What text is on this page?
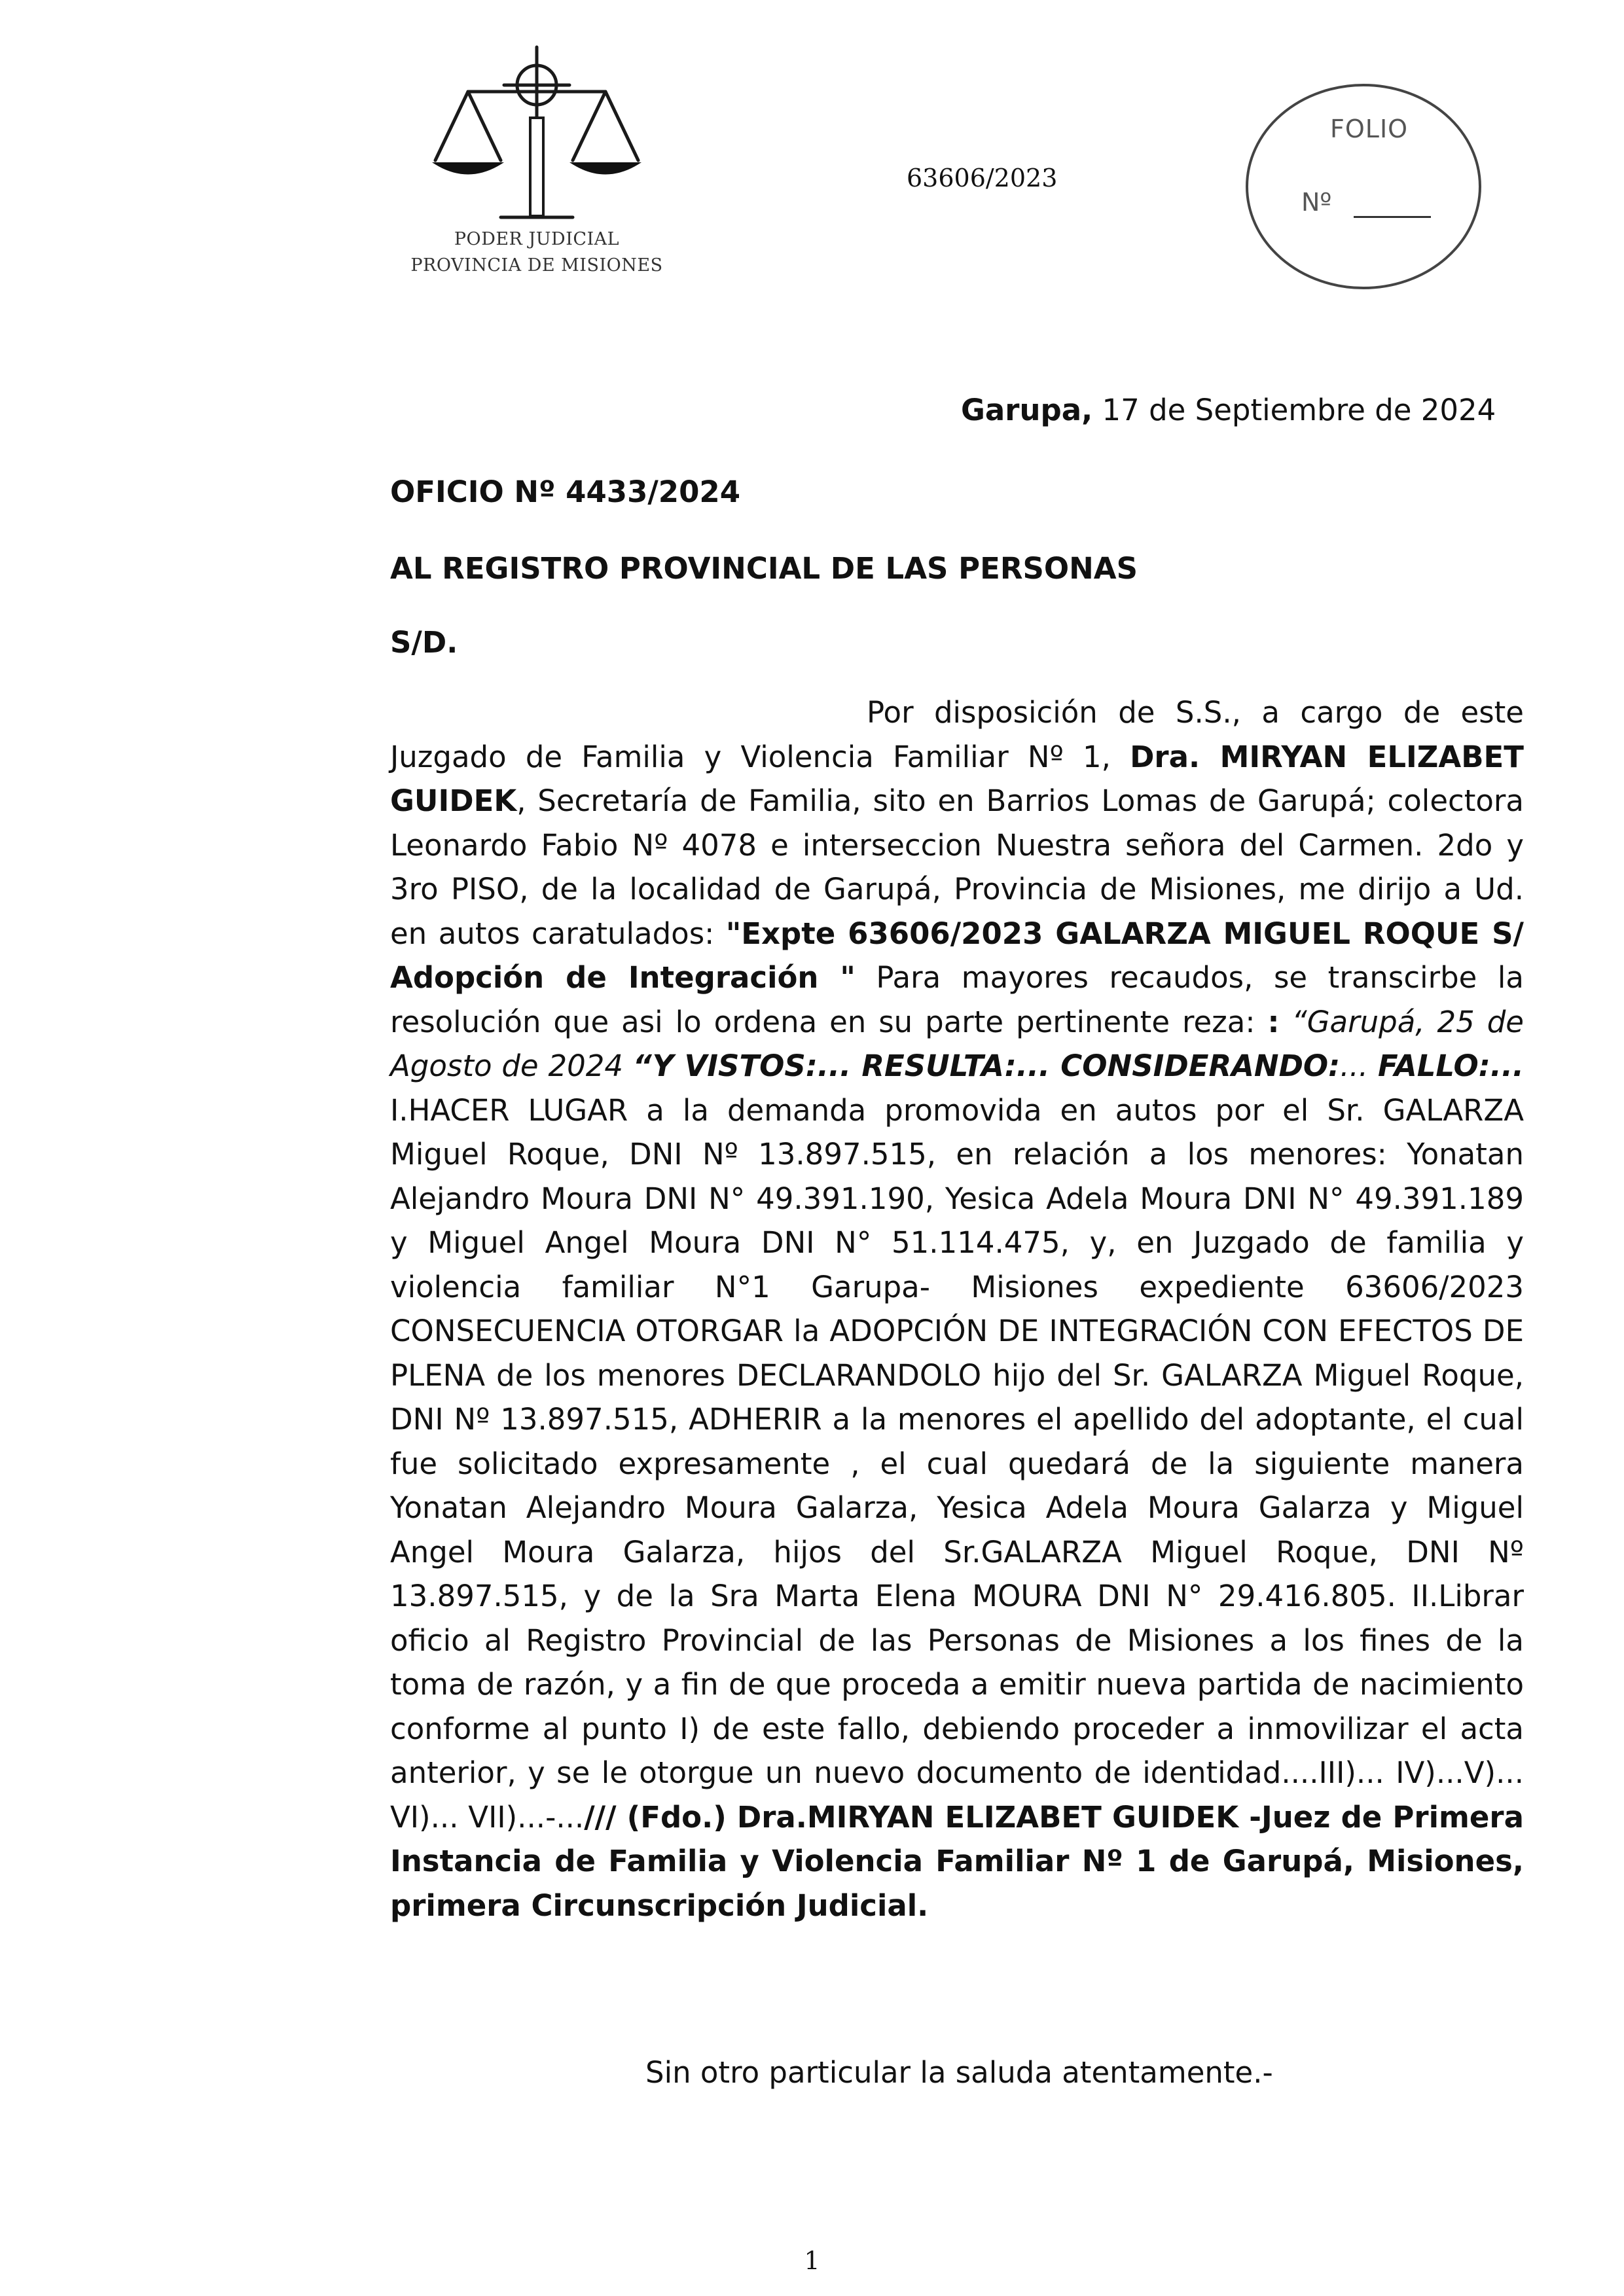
PODER JUDICIAL
PROVINCIA DE MISIONES
63606/2023
FOLIO
Nº
Garupa, 17 de Septiembre de 2024
OFICIO Nº 4433/2024
AL REGISTRO PROVINCIAL DE LAS PERSONAS
S/D.

Por disposición de S.S., a cargo de este Juzgado de Familia y Violencia Familiar Nº 1, Dra. MIRYAN ELIZABET GUIDEK, Secretaría de Familia, sito en Barrios Lomas de Garupá; colectora Leonardo Fabio Nº 4078 e interseccion Nuestra señora del Carmen. 2do y 3ro PISO, de la localidad de Garupá, Provincia de Misiones, me dirijo a Ud. en autos caratulados: "Expte 63606/2023 GALARZA MIGUEL ROQUE S/ Adopción de Integración " Para mayores recaudos, se transcirbe la resolución que asi lo ordena en su parte pertinente reza: : “Garupá, 25 de Agosto de 2024 “Y VISTOS:... RESULTA:... CONSIDERANDO:... FALLO:... I.HACER LUGAR a la demanda promovida en autos por el Sr. GALARZA Miguel Roque, DNI Nº 13.897.515, en relación a los menores: Yonatan Alejandro Moura DNI N° 49.391.190, Yesica Adela Moura DNI N° 49.391.189 y Miguel Angel Moura DNI N° 51.114.475, y, en Juzgado de familia y violencia familiar N°1 Garupa- Misiones expediente 63606/2023 CONSECUENCIA OTORGAR la ADOPCIÓN DE INTEGRACIÓN CON EFECTOS DE PLENA de los menores DECLARANDOLO hijo del Sr. GALARZA Miguel Roque, DNI Nº 13.897.515, ADHERIR a la menores el apellido del adoptante, el cual fue solicitado expresamente , el cual quedará de la siguiente manera Yonatan Alejandro Moura Galarza, Yesica Adela Moura Galarza y Miguel Angel Moura Galarza, hijos del Sr.GALARZA Miguel Roque, DNI Nº 13.897.515, y de la Sra Marta Elena MOURA DNI N° 29.416.805. II.Librar oficio al Registro Provincial de las Personas de Misiones a los fines de la toma de razón, y a fin de que proceda a emitir nueva partida de nacimiento conforme al punto I) de este fallo, debiendo proceder a inmovilizar el acta anterior, y se le otorgue un nuevo documento de identidad....III)... IV)...V)... VI)... VII)...-.../// (Fdo.) Dra.MIRYAN ELIZABET GUIDEK -Juez de Primera Instancia de Familia y Violencia Familiar Nº 1 de Garupá, Misiones, primera Circunscripción Judicial.

Sin otro particular la saluda atentamente.-
1
